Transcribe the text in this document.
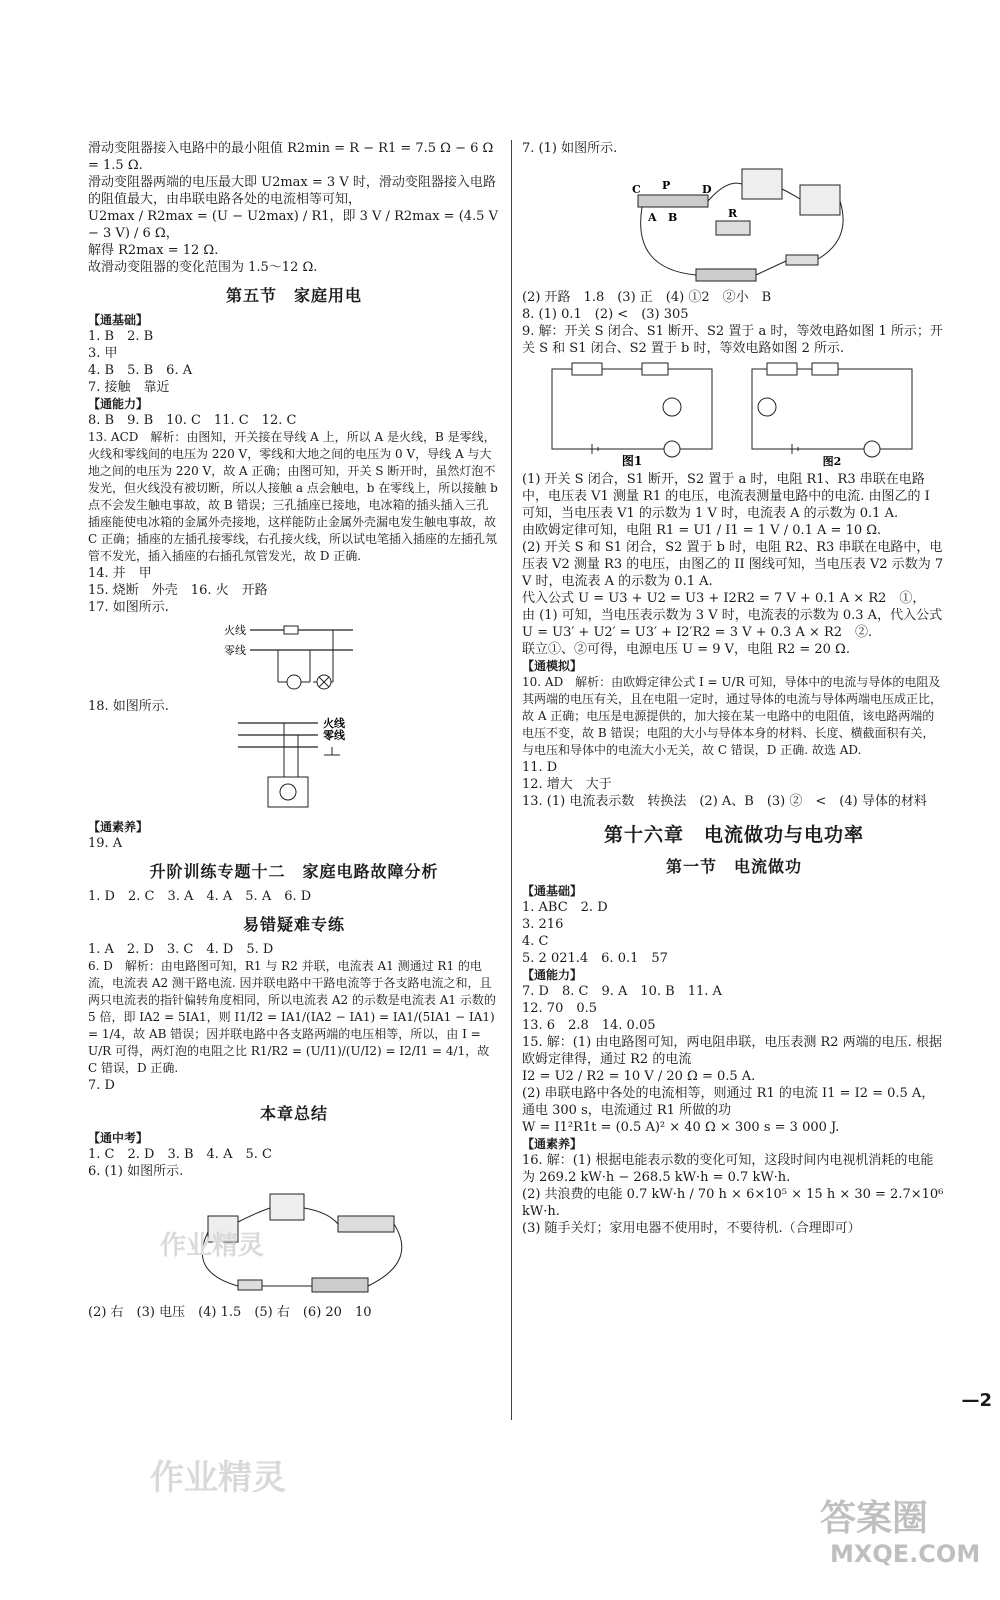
滑动变阻器接入电路中的最小阻值 R2min = R − R1 = 7.5 Ω − 6 Ω = 1.5 Ω.

滑动变阻器两端的电压最大即 U2max = 3 V 时，滑动变阻器接入电路的阻值最大，由串联电路各处的电流相等可知，

U2max / R2max = (U − U2max) / R1，即 3 V / R2max = (4.5 V − 3 V) / 6 Ω，

解得 R2max = 12 Ω.

故滑动变阻器的变化范围为 1.5～12 Ω.

第五节　家庭用电

【通基础】

1. B　2. B

3. 甲

4. B　5. B　6. A

7. 接触　靠近

【通能力】

8. B　9. B　10. C　11. C　12. C

13. ACD　解析：由图知，开关接在导线 A 上，所以 A 是火线，B 是零线，火线和零线间的电压为 220 V，零线和大地之间的电压为 0 V，导线 A 与大地之间的电压为 220 V，故 A 正确；由图可知，开关 S 断开时，虽然灯泡不发光，但火线没有被切断，所以人接触 a 点会触电，b 在零线上，所以接触 b 点不会发生触电事故，故 B 错误；三孔插座已接地，电冰箱的插头插入三孔插座能使电冰箱的金属外壳接地，这样能防止金属外壳漏电发生触电事故，故 C 正确；插座的左插孔接零线，右孔接火线，所以试电笔插入插座的左插孔氖管不发光，插入插座的右插孔氖管发光，故 D 正确.

14. 并　甲

15. 烧断　外壳　16. 火　开路

17. 如图所示.

火线
零线

18. 如图所示.

火线
零线

【通素养】

19. A

升阶训练专题十二　家庭电路故障分析

1. D　2. C　3. A　4. A　5. A　6. D

易错疑难专练

1. A　2. D　3. C　4. D　5. D

6. D　解析：由电路图可知，R1 与 R2 并联，电流表 A1 测通过 R1 的电流，电流表 A2 测干路电流. 因并联电路中干路电流等于各支路电流之和，且两只电流表的指针偏转角度相同，所以电流表 A2 的示数是电流表 A1 示数的 5 倍，即 IA2 = 5IA1，则 I1/I2 = IA1/(IA2 − IA1) = IA1/(5IA1 − IA1) = 1/4，故 AB 错误；因并联电路中各支路两端的电压相等，所以，由 I = U/R 可得，两灯泡的电阻之比 R1/R2 = (U/I1)/(U/I2) = I2/I1 = 4/1，故 C 错误，D 正确.

7. D

本章总结

【通中考】

1. C　2. D　3. B　4. A　5. C

6. (1) 如图所示.

(2) 右　(3) 电压　(4) 1.5　(5) 右　(6) 20　10

7. (1) 如图所示.

C P	D
A B	R

(2) 开路　1.8　(3) 正　(4) ①2　②小　B

8. (1) 0.1　(2) <　(3) 305

9. 解：开关 S 闭合、S1 断开、S2 置于 a 时，等效电路如图 1 所示；开关 S 和 S1 闭合、S2 置于 b 时，等效电路如图 2 所示.

图1	图2

(1) 开关 S 闭合，S1 断开，S2 置于 a 时，电阻 R1、R3 串联在电路中，电压表 V1 测量 R1 的电压，电流表测量电路中的电流. 由图乙的 I 可知，当电压表 V1 的示数为 1 V 时，电流表 A 的示数为 0.1 A.

由欧姆定律可知，电阻 R1 = U1 / I1 = 1 V / 0.1 A = 10 Ω.

(2) 开关 S 和 S1 闭合，S2 置于 b 时，电阻 R2、R3 串联在电路中，电压表 V2 测量 R3 的电压，由图乙的 II 图线可知，当电压表 V2 示数为 7 V 时，电流表 A 的示数为 0.1 A.

代入公式 U = U3 + U2 = U3 + I2R2 = 7 V + 0.1 A × R2　①，

由 (1) 可知，当电压表示数为 3 V 时，电流表的示数为 0.3 A，代入公式 U = U3′ + U2′ = U3′ + I2′R2 = 3 V + 0.3 A × R2　②.

联立①、②可得，电源电压 U = 9 V，电阻 R2 = 20 Ω.

【通模拟】

10. AD　解析：由欧姆定律公式 I = U/R 可知，导体中的电流与导体的电阻及其两端的电压有关，且在电阻一定时，通过导体的电流与导体两端电压成正比，故 A 正确；电压是电源提供的，加大接在某一电路中的电阻值，该电路两端的电压不变，故 B 错误；电阻的大小与导体本身的材料、长度、横截面积有关，与电压和导体中的电流大小无关，故 C 错误，D 正确. 故选 AD.

11. D

12. 增大　大于

13. (1) 电流表示数　转换法　(2) A、B　(3) ②　<　(4) 导体的材料

第十六章　电流做功与电功率
第一节　电流做功

【通基础】

1. ABC　2. D

3. 216

4. C

5. 2 021.4　6. 0.1　57

【通能力】

7. D　8. C　9. A　10. B　11. A

12. 70　0.5

13. 6　2.8　14. 0.05

15. 解：(1) 由电路图可知，两电阻串联，电压表测 R2 两端的电压. 根据欧姆定律得，通过 R2 的电流

I2 = U2 / R2 = 10 V / 20 Ω = 0.5 A.

(2) 串联电路中各处的电流相等，则通过 R1 的电流 I1 = I2 = 0.5 A，通电 300 s，电流通过 R1 所做的功

W = I1²R1t = (0.5 A)² × 40 Ω × 300 s = 3 000 J.

【通素养】

16. 解：(1) 根据电能表示数的变化可知，这段时间内电视机消耗的电能为 269.2 kW·h − 268.5 kW·h = 0.7 kW·h.

(2) 共浪费的电能 0.7 kW·h / 70 h × 6×10⁵ × 15 h × 30 = 2.7×10⁶ kW·h.

(3) 随手关灯；家用电器不使用时，不要待机.（合理即可）

—2
作业精灵
作业精灵
答案圈
MXQE.COM
